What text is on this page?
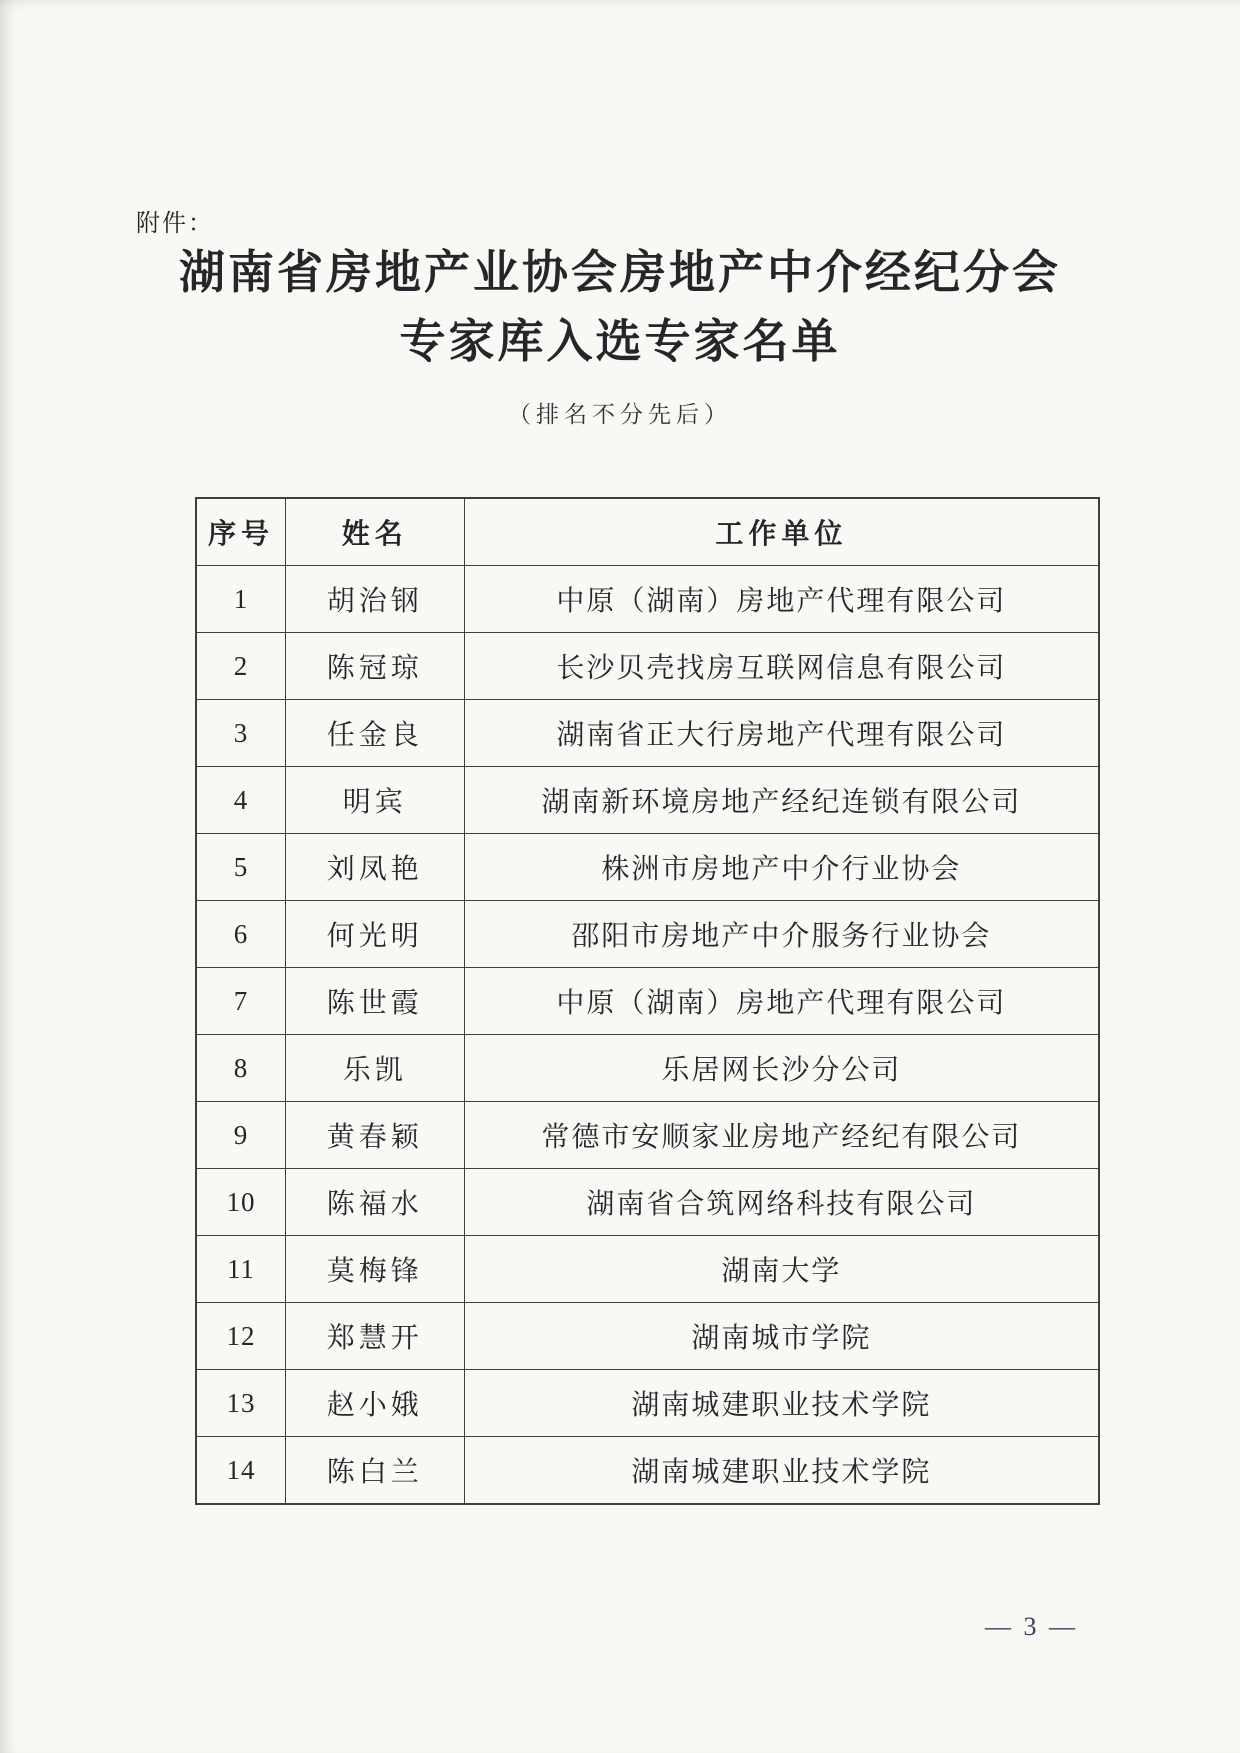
附件：
湖南省房地产业协会房地产中介经纪分会
专家库入选专家名单
（排名不分先后）
序号	姓名	工作单位
1	胡治钢	中原（湖南）房地产代理有限公司
2	陈冠琼	长沙贝壳找房互联网信息有限公司
3	任金良	湖南省正大行房地产代理有限公司
4	明宾	湖南新环境房地产经纪连锁有限公司
5	刘凤艳	株洲市房地产中介行业协会
6	何光明	邵阳市房地产中介服务行业协会
7	陈世霞	中原（湖南）房地产代理有限公司
8	乐凯	乐居网长沙分公司
9	黄春颖	常德市安顺家业房地产经纪有限公司
10	陈福水	湖南省合筑网络科技有限公司
11	莫梅锋	湖南大学
12	郑慧开	湖南城市学院
13	赵小娥	湖南城建职业技术学院
14	陈白兰	湖南城建职业技术学院
— 3 —
